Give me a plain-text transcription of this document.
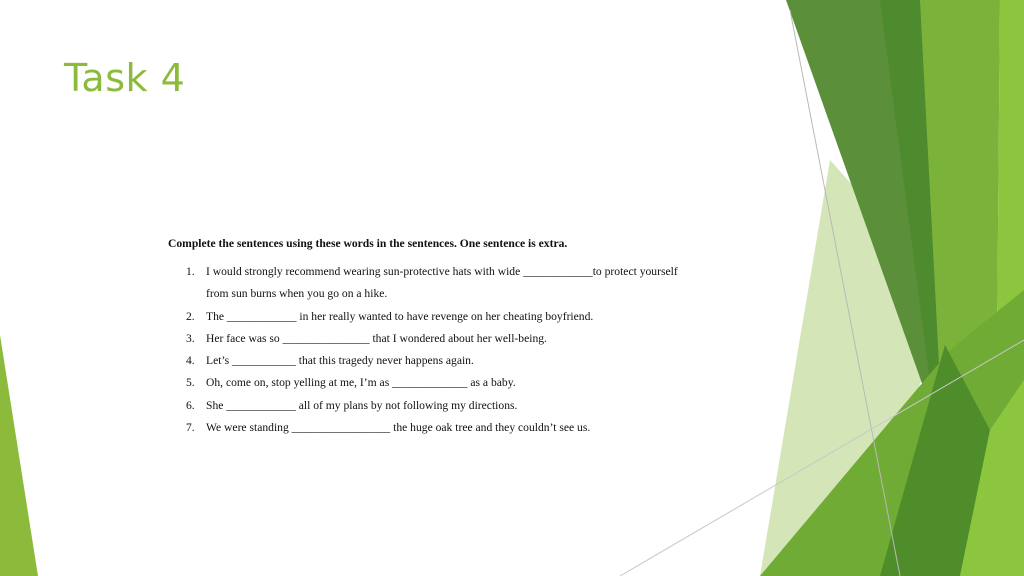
Task 4

Complete the sentences using these words in the sentences. One sentence is extra.

1. I would strongly recommend wearing sun-protective hats with wide ____________to protect yourself from sun burns when you go on a hike.
2. The ____________ in her really wanted to have revenge on her cheating boyfriend.
3. Her face was so _______________ that I wondered about her well-being.
4. Let’s ___________ that this tragedy never happens again.
5. Oh, come on, stop yelling at me, I’m as _____________ as a baby.
6. She ____________ all of my plans by not following my directions.
7. We were standing _________________ the huge oak tree and they couldn’t see us.
